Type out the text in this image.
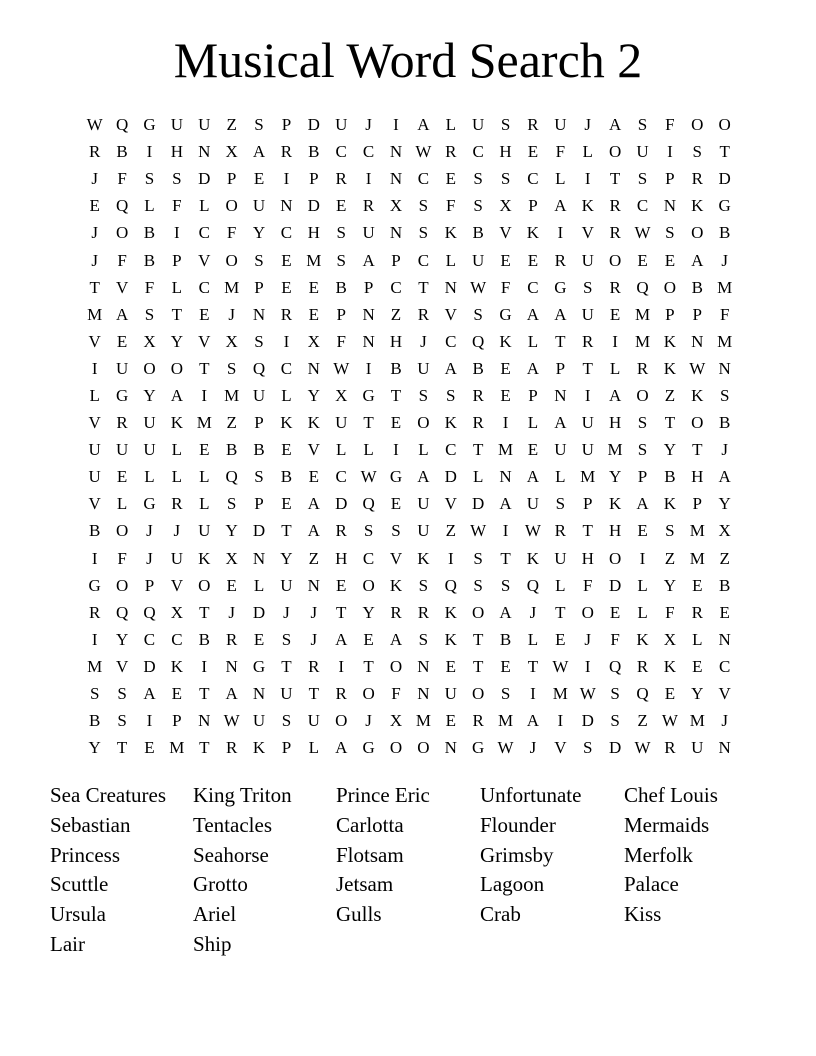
Musical Word Search 2
W Q G U U Z	S	P D U	J	I	A L U S R U	J	A S	F O O
R B	I	H N X A R B C C N W R C H E	F	L O U	I	S	T
J	F	S	S D P	E	I	P R	I	N C E	S	S C L	I	T	S	P R D
E Q L	F	L O U N D E R X S	F	S X P A K R C N K G
J	O B	I	C F Y C H S U N S K B V K	I	V R W S O B
J	F B P V O S	E M S A P C L U E	E R U O E	E A	J
T V F	L C M P	E	E B P C T N W F C G S R Q O B M
M A S	T	E	J	N R E	P N Z R V S G A A U E M P	P	F
V E X Y V X S	I	X F N H	J	C Q K L	T R	I M K N M
I	U O O T	S Q C N W I	B U A B E A P	T	L R K W N
L G Y A	I M U L Y X G T	S	S R E	P N	I	A O Z K S
V R U K M Z	P K K U T	E O K R	I	L A U H S	T O B
U U U L	E B B E V L	L	I	L C T M E U U M S Y T	J
U E	L	L	L Q S B E C W G A D L N A L M Y P B H A
V L G R L	S	P	E A D Q E U V D A U S	P K A K P Y
B O	J	J	U Y D T A R S	S U Z W I W R T H E	S M X
I	F	J	U K X N Y Z H C V K	I	S	T K U H O	I	Z M Z
G O P V O E	L U N E O K S Q S	S Q L	F D L Y E B
R Q Q X T	J	D	J	J	T Y R R K O A	J	T O E	L	F R E
I	Y C C B R E	S	J	A E A S K T B L	E	J	F K X L N
M V D K	I	N G T R	I	T O N E	T	E	T W I	Q R K E C
S	S A E	T A N U T R O F N U O S	I M W S Q E Y V
B S	I	P N W U S U O	J	X M E R M A	I	D S	Z W M J
Y T	E M T R K P	L A G O O N G W J	V S D W R U N
Sea Creatures
Sebastian
Princess
Scuttle
Ursula
Lair
King Triton
Tentacles
Seahorse
Grotto
Ariel
Ship
Prince Eric
Carlotta
Flotsam
Jetsam
Gulls
Unfortunate
Flounder
Grimsby
Lagoon
Crab
Chef Louis
Mermaids
Merfolk
Palace
Kiss
